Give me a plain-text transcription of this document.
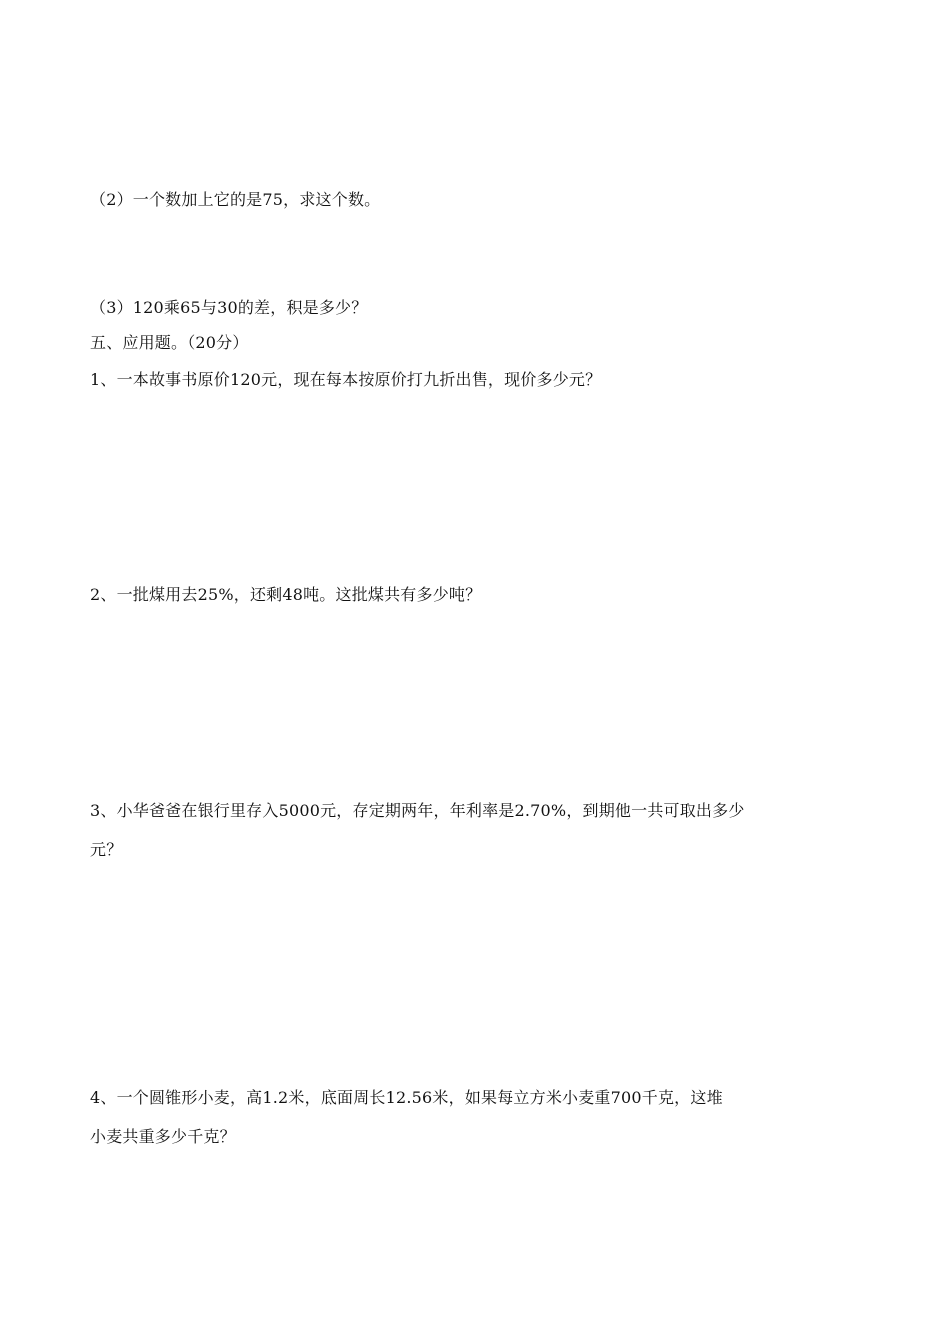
（2）一个数加上它的是75，求这个数。
（3）120乘65与30的差，积是多少？
五、应用题。（20分）
1、一本故事书原价120元，现在每本按原价打九折出售，现价多少元？
2、一批煤用去25%，还剩48吨。这批煤共有多少吨？
3、小华爸爸在银行里存入5000元，存定期两年，年利率是2.70%，到期他一共可取出多少
元？
4、一个圆锥形小麦，高1.2米，底面周长12.56米，如果每立方米小麦重700千克，这堆
小麦共重多少千克？
